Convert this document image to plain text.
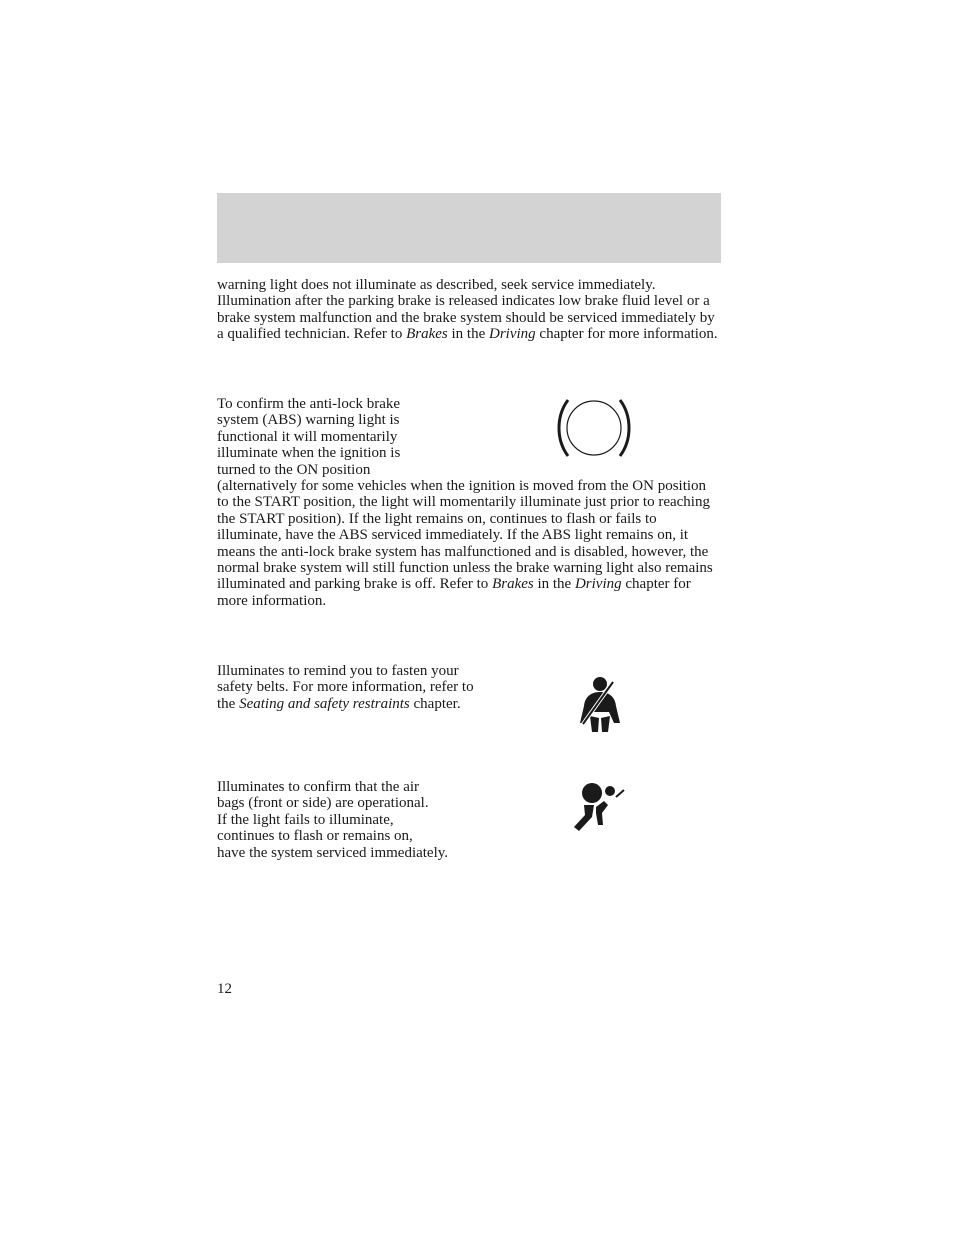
warning light does not illuminate as described, seek service immediately. Illumination after the parking brake is released indicates low brake fluid level or a brake system malfunction and the brake system should be serviced immediately by a qualified technician. Refer to Brakes in the Driving chapter for more information.

To confirm the anti-lock brake system (ABS) warning light is functional it will momentarily illuminate when the ignition is turned to the ON position

(alternatively for some vehicles when the ignition is moved from the ON position to the START position, the light will momentarily illuminate just prior to reaching the START position). If the light remains on, continues to flash or fails to illuminate, have the ABS serviced immediately. If the ABS light remains on, it means the anti-lock brake system has malfunctioned and is disabled, however, the normal brake system will still function unless the brake warning light also remains illuminated and parking brake is off. Refer to Brakes in the Driving chapter for more information.

Illuminates to remind you to fasten your safety belts. For more information, refer to the Seating and safety restraints chapter.

Illuminates to confirm that the air
bags (front or side) are operational.
If the light fails to illuminate,
continues to flash or remains on,
have the system serviced immediately.
12
